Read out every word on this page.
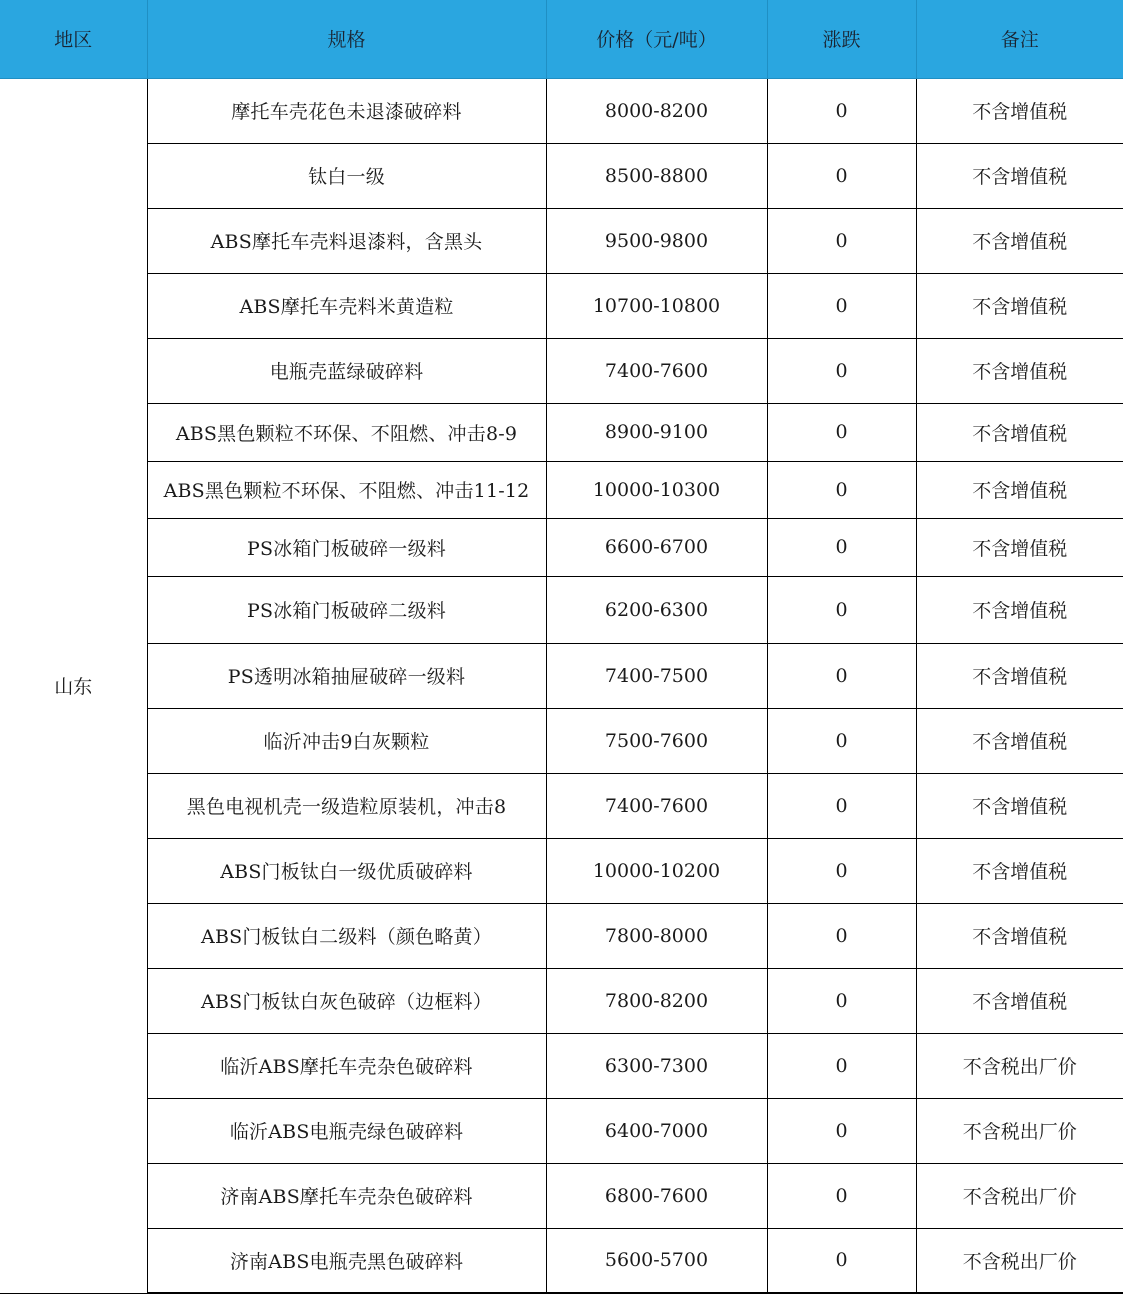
地区	规格	价格（元/吨）	涨跌	备注
山东	摩托车壳花色未退漆破碎料	8000-8200	0	不含增值税
	钛白一级	8500-8800	0	不含增值税
	ABS摩托车壳料退漆料，含黑头	9500-9800	0	不含增值税
	ABS摩托车壳料米黄造粒	10700-10800	0	不含增值税
	电瓶壳蓝绿破碎料	7400-7600	0	不含增值税
	ABS黑色颗粒不环保、不阻燃、冲击8-9	8900-9100	0	不含增值税
	ABS黑色颗粒不环保、不阻燃、冲击11-12	10000-10300	0	不含增值税
	PS冰箱门板破碎一级料	6600-6700	0	不含增值税
	PS冰箱门板破碎二级料	6200-6300	0	不含增值税
	PS透明冰箱抽屉破碎一级料	7400-7500	0	不含增值税
	临沂冲击9白灰颗粒	7500-7600	0	不含增值税
	黑色电视机壳一级造粒原装机，冲击8	7400-7600	0	不含增值税
	ABS门板钛白一级优质破碎料	10000-10200	0	不含增值税
	ABS门板钛白二级料（颜色略黄）	7800-8000	0	不含增值税
	ABS门板钛白灰色破碎（边框料）	7800-8200	0	不含增值税
	临沂ABS摩托车壳杂色破碎料	6300-7300	0	不含税出厂价
	临沂ABS电瓶壳绿色破碎料	6400-7000	0	不含税出厂价
	济南ABS摩托车壳杂色破碎料	6800-7600	0	不含税出厂价
	济南ABS电瓶壳黑色破碎料	5600-5700	0	不含税出厂价
